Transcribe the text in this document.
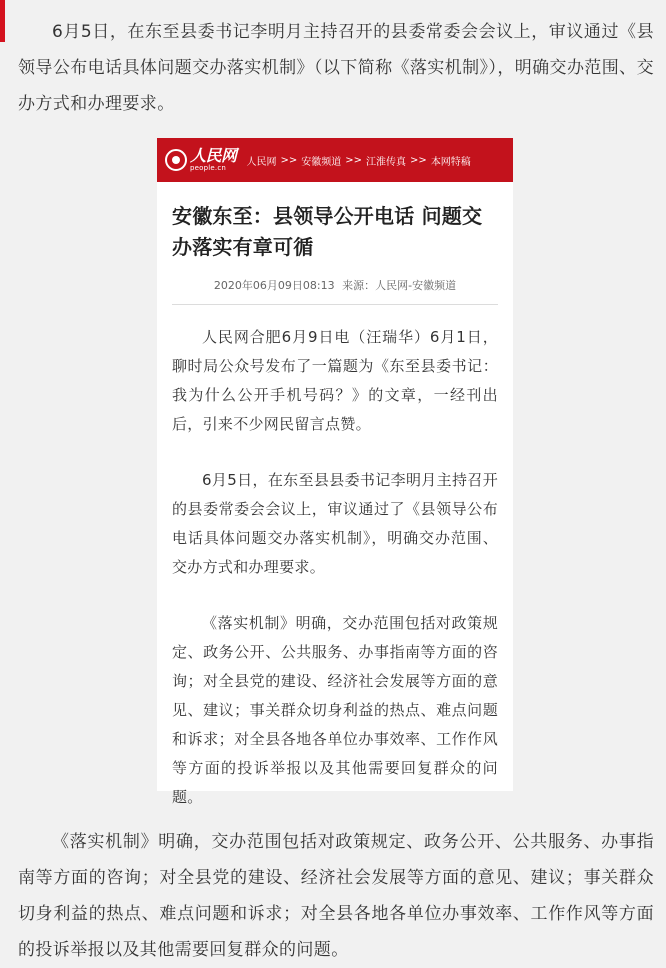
6月5日，在东至县委书记李明月主持召开的县委常委会会议上，审议通过《县领导公布电话具体问题交办落实机制》（以下简称《落实机制》），明确交办范围、交办方式和办理要求。

《落实机制》明确，交办范围包括对政策规定、政务公开、公共服务、办事指南等方面的咨询；对全县党的建设、经济社会发展等方面的意见、建议；事关群众切身利益的热点、难点问题和诉求；对全县各地各单位办事效率、工作作风等方面的投诉举报以及其他需要回复群众的问题。

人民网
people.cn
人民网 >> 安徽频道 >> 江淮传真 >> 本网特稿
安徽东至：县领导公开电话 问题交办落实有章可循
2020年06月09日08:13 来源：人民网-安徽频道

人民网合肥6月9日电（汪瑞华）6月1日，聊时局公众号发布了一篇题为《东至县委书记：我为什么公开手机号码？》的文章，一经刊出后，引来不少网民留言点赞。

6月5日，在东至县县委书记李明月主持召开的县委常委会会议上，审议通过了《县领导公布电话具体问题交办落实机制》，明确交办范围、交办方式和办理要求。

《落实机制》明确，交办范围包括对政策规定、政务公开、公共服务、办事指南等方面的咨询；对全县党的建设、经济社会发展等方面的意见、建议；事关群众切身利益的热点、难点问题和诉求；对全县各地各单位办事效率、工作作风等方面的投诉举报以及其他需要回复群众的问题。
